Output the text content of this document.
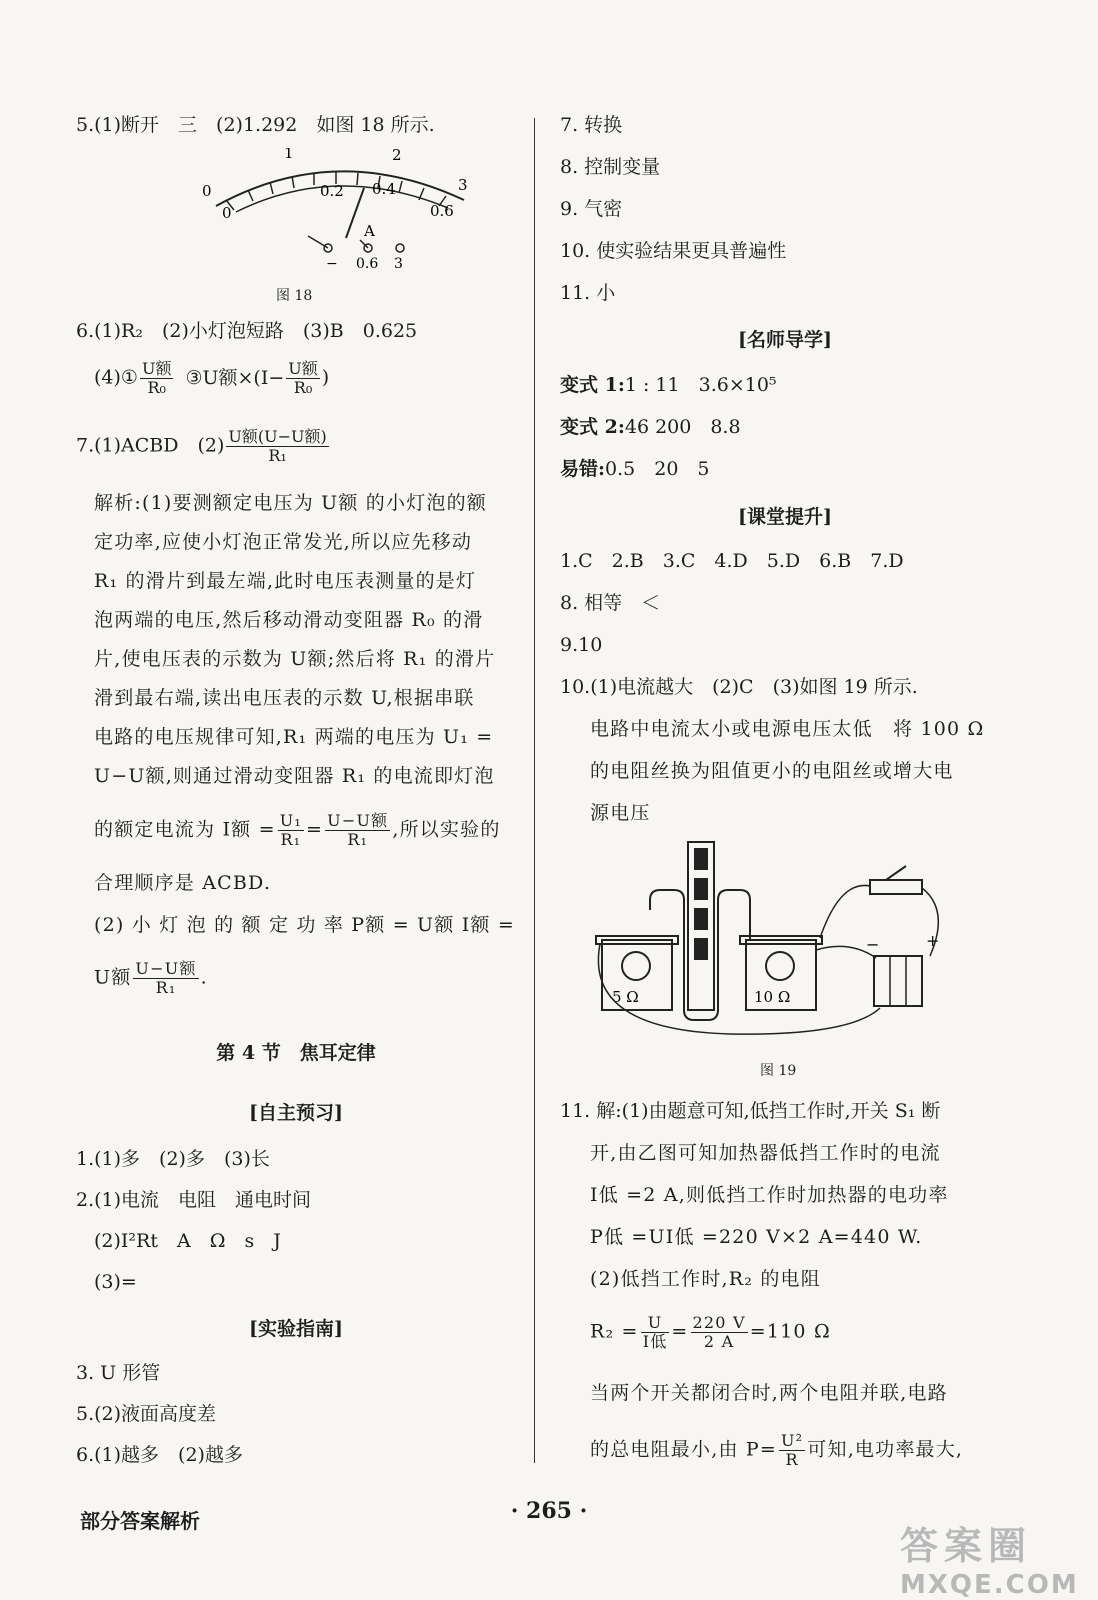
5.(1)断开　三　(2)1.292　如图 18 所示.
1	2
0	3
0
0.2 0.4
0.6
A
− 0.6 3
图 18
6.(1)R₂　(2)小灯泡短路　(3)B　0.625
(4)① $\frac{\text{U额}}{\text{R₀}}$ ③U额$\times(I- \frac{\text{U额}}{\text{R₀}}$ )
7.(1)ACBD　$(2) \frac{\text{U额(U−U额)}}{\text{R₁}}$
解析:(1)要测额定电压为 U额 的小灯泡的额
定功率,应使小灯泡正常发光,所以应先移动
R₁ 的滑片到最左端,此时电压表测量的是灯
泡两端的电压,然后移动滑动变阻器 R₀ 的滑
片,使电压表的示数为 U额;然后将 R₁ 的滑片
滑到最右端,读出电压表的示数 U,根据串联
电路的电压规律可知,R₁ 两端的电压为 U₁ =
U−U额,则通过滑动变阻器 R₁ 的电流即灯泡
的额定电流为 I额 = $\frac{\text{U₁}}{\text{R₁}} = \frac{\text{U−U额}}{\text{R₁}}$ ,所以实验的
合理顺序是 ACBD.
(2) 小 灯 泡 的 额 定 功 率 P额 = U额 I额 =
U额 $\frac{\text{U−U额}}{\text{R₁}}$ .
第 4 节　焦耳定律
[自主预习]
1.(1)多　(2)多　(3)长
2.(1)电流　电阻　通电时间
(2)I²Rt　A　Ω　s　J
(3)=
[实验指南]
3. U 形管
5.(2)液面高度差
6.(1)越多　(2)越多
7. 转换
8. 控制变量
9. 气密
10. 使实验结果更具普遍性
11. 小
[名师导学]
变式 1:1 : 11　3.6×10⁵
变式 2:46 200　8.8
易错:0.5　20　5
[课堂提升]
1.C　2.B　3.C　4.D　5.D　6.B　7.D
8. 相等　＜
9.10
10.(1)电流越大　(2)C　(3)如图 19 所示.
电路中电流太小或电源电压太低　将 100 Ω
的电阻丝换为阻值更小的电阻丝或增大电
源电压
5 Ω	10 Ω
+
−
图 19
11. 解:(1)由题意可知,低挡工作时,开关 S₁ 断
开,由乙图可知加热器低挡工作时的电流
I低 =2 A,则低挡工作时加热器的电功率
P低 =UI低 =220 V×2 A=440 W.
(2)低挡工作时,R₂ 的电阻
$R_2 = \frac{U}{\text{I低}} = \frac{220 V}{2 A} =110$ Ω
当两个开关都闭合时,两个电阻并联,电路
的总电阻最小,由 $P= \frac{\text{U²}}{R}$ 可知,电功率最大,
部分答案解析	· 265 ·
答案圈
MXQE.COM
